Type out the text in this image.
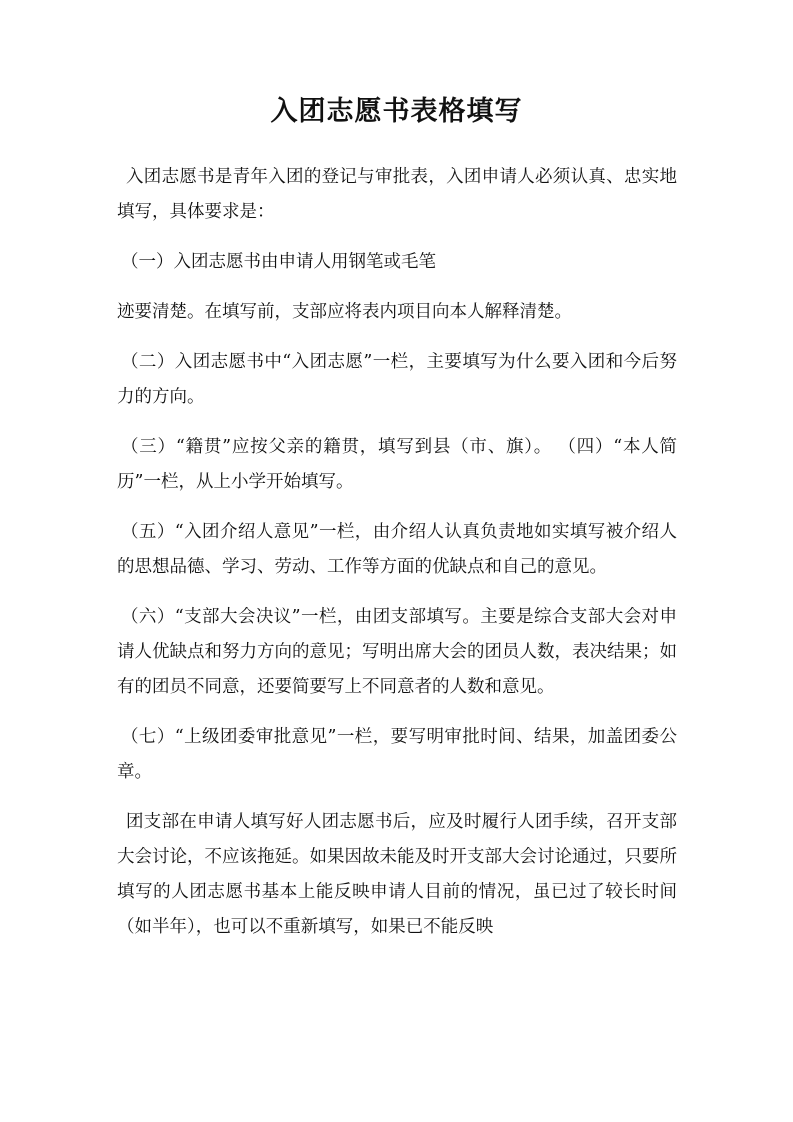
入团志愿书表格填写

入团志愿书是青年入团的登记与审批表，入团申请人必须认真、忠实地填写，具体要求是：

（一）入团志愿书由申请人用钢笔或毛笔

迹要清楚。在填写前，支部应将表内项目向本人解释清楚。

（二）入团志愿书中“入团志愿”一栏，主要填写为什么要入团和今后努力的方向。

（三）“籍贯”应按父亲的籍贯，填写到县（市、旗）。 （四）“本人简历”一栏，从上小学开始填写。

（五）“入团介绍人意见”一栏，由介绍人认真负责地如实填写被介绍人的思想品德、学习、劳动、工作等方面的优缺点和自己的意见。

（六）“支部大会决议”一栏，由团支部填写。主要是综合支部大会对申请人优缺点和努力方向的意见；写明出席大会的团员人数，表决结果；如有的团员不同意，还要简要写上不同意者的人数和意见。

（七）“上级团委审批意见”一栏，要写明审批时间、结果，加盖团委公章。

团支部在申请人填写好人团志愿书后，应及时履行人团手续，召开支部大会讨论，不应该拖延。如果因故未能及时开支部大会讨论通过，只要所填写的人团志愿书基本上能反映申请人目前的情况，虽已过了较长时间（如半年），也可以不重新填写，如果已不能反映
